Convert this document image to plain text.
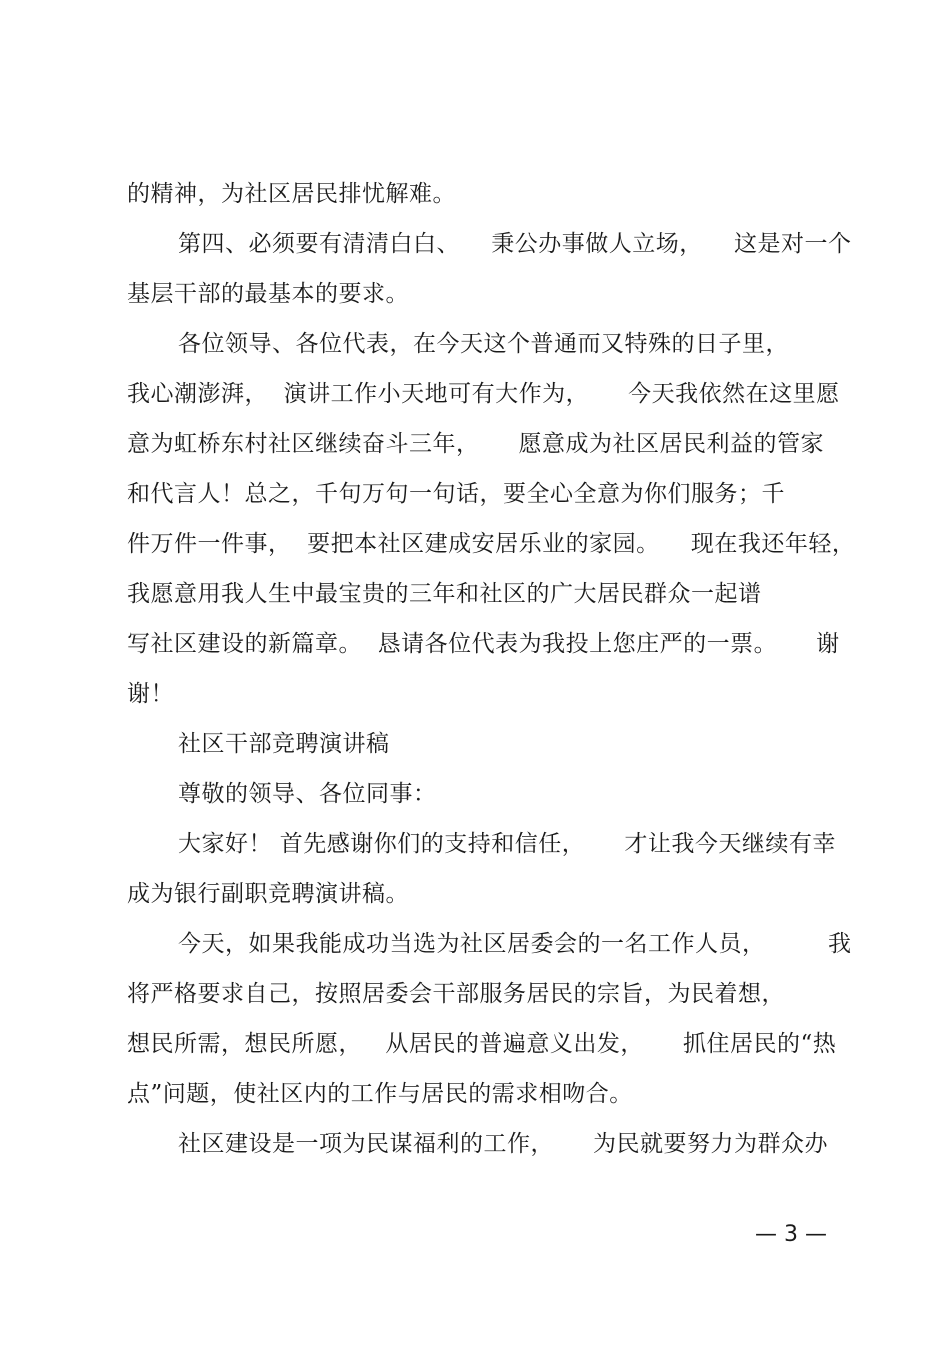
的精神，为社区居民排忧解难。
第四、必须要有清清白白、    秉公办事做人立场，    这是对一个
基层干部的最基本的要求。
各位领导、各位代表，在今天这个普通而又特殊的日子里，
我心潮澎湃，  演讲工作小天地可有大作为，     今天我依然在这里愿
意为虹桥东村社区继续奋斗三年，     愿意成为社区居民利益的管家
和代言人！总之，千句万句一句话，要全心全意为你们服务；千
件万件一件事，  要把本社区建成安居乐业的家园。    现在我还年轻，
我愿意用我人生中最宝贵的三年和社区的广大居民群众一起谱
写社区建设的新篇章。  恳请各位代表为我投上您庄严的一票。     谢
谢！
社区干部竞聘演讲稿
尊敬的领导、各位同事：
大家好！ 首先感谢你们的支持和信任，     才让我今天继续有幸
成为银行副职竞聘演讲稿。
今天，如果我能成功当选为社区居委会的一名工作人员，        我
将严格要求自己，按照居委会干部服务居民的宗旨，为民着想，
想民所需，想民所愿，   从居民的普遍意义出发，     抓住居民的“热
点”问题，使社区内的工作与居民的需求相吻合。
社区建设是一项为民谋福利的工作，     为民就要努力为群众办
— 3 —
